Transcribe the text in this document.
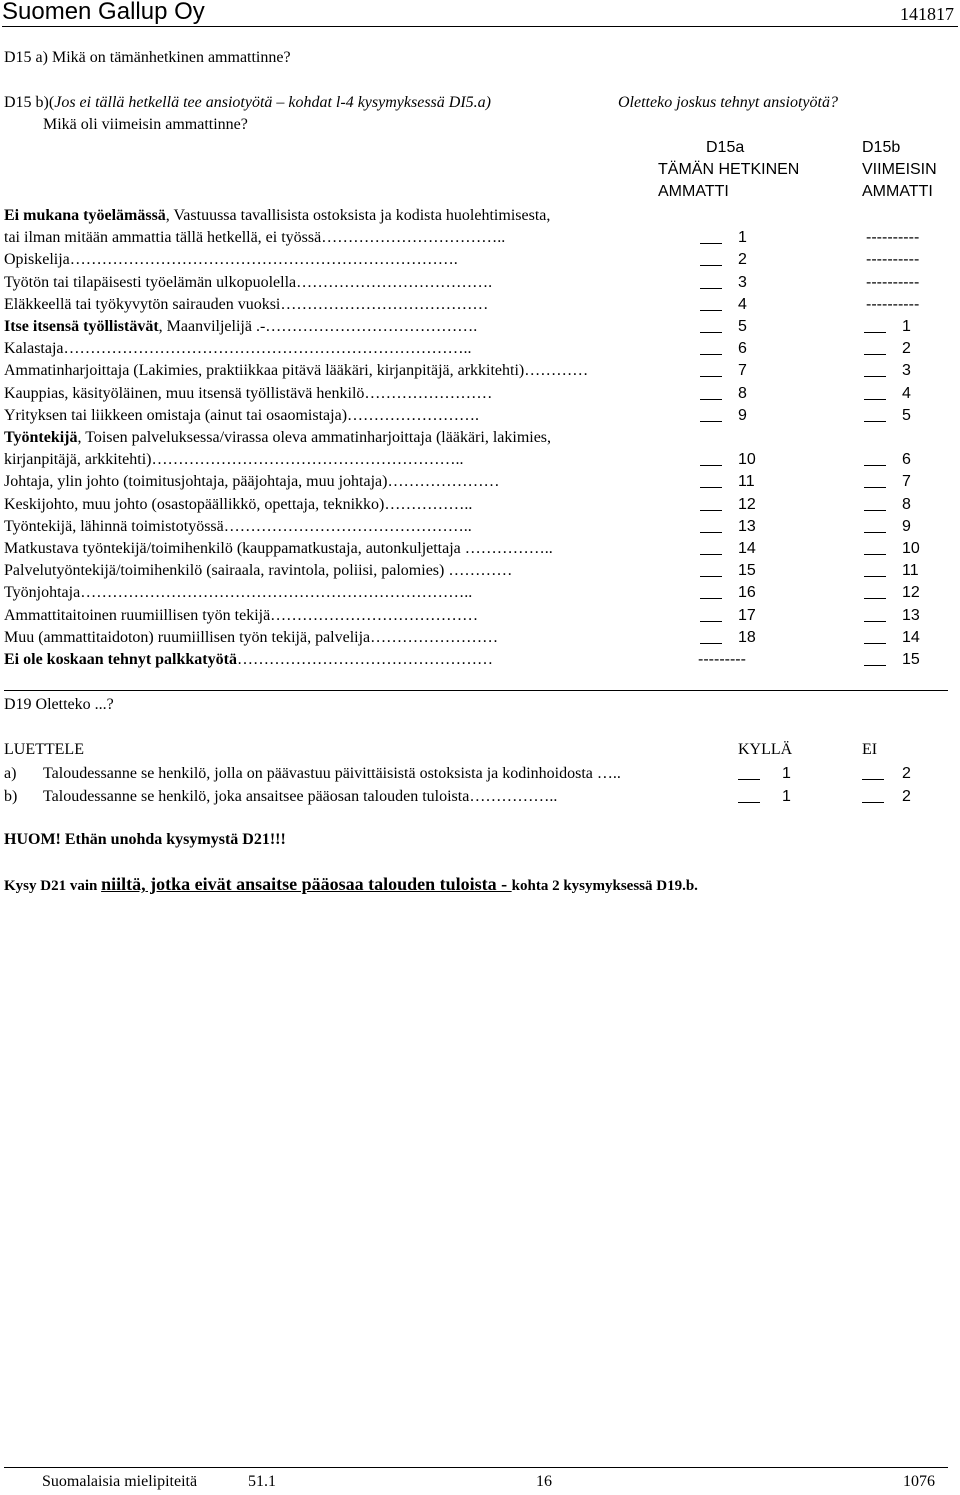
Suomen Gallup Oy	141817
D15 a) Mikä on tämänhetkinen ammattinne?
D15 b)(Jos ei tällä hetkellä tee ansiotyötä – kohdat l-4 kysymyksessä DI5.a)	Oletteko joskus tehnyt ansiotyötä?
Mikä oli viimeisin ammattinne?
D15a
TÄMÄN HETKINEN
AMMATTI
D15b
VIIMEISIN
AMMATTI
Ei mukana työelämässä, Vastuussa tavallisista ostoksista ja kodista huolehtimisesta,
tai ilman mitään ammattia tällä hetkellä, ei työssä……………………………..	1	----------
Opiskelija……………………………………………………………….	2	----------
Työtön tai tilapäisesti työelämän ulkopuolella……………………………….	3	----------
Eläkkeellä tai työkyvytön sairauden vuoksi…………………………………	4	----------
Itse itsensä työllistävät, Maanviljelijä .-………………………………….	5	1
Kalastaja…………………………………………………………………..	6	2
Ammatinharjoittaja (Lakimies, praktiikkaa pitävä lääkäri, kirjanpitäjä, arkkitehti)…………	7	3
Kauppias, käsityöläinen, muu itsensä työllistävä henkilö……………………	8	4
Yrityksen tai liikkeen omistaja (ainut tai osaomistaja)…………………….	9	5
Työntekijä, Toisen palveluksessa/virassa oleva ammatinharjoittaja (lääkäri, lakimies,
kirjanpitäjä, arkkitehti)…………………………………………………..	10	6
Johtaja, ylin johto (toimitusjohtaja, pääjohtaja, muu johtaja)…………………	11	7
Keskijohto, muu johto (osastopäällikkö, opettaja, teknikko)……………..	12	8
Työntekijä, lähinnä toimistotyössä………………………………………..	13	9
Matkustava työntekijä/toimihenkilö (kauppamatkustaja, autonkuljettaja ……………..	14	10
Palvelutyöntekijä/toimihenkilö (sairaala, ravintola, poliisi, palomies) …………	15	11
Työnjohtaja………………………………………………………………..	16	12
Ammattitaitoinen ruumiillisen työn tekijä…………………………………	17	13
Muu (ammattitaidoton) ruumiillisen työn tekijä, palvelija……………………	18	14
Ei ole koskaan tehnyt palkkatyötä…………………………………………	---------	15
D19 Oletteko ...?
LUETTELE	KYLLÄ	EI
a) Taloudessanne se henkilö, jolla on päävastuu päivittäisistä ostoksista ja kodinhoidosta …..	1	2
b) Taloudessanne se henkilö, joka ansaitsee pääosan talouden tuloista……………..	1	2
HUOM! Ethän unohda kysymystä D21!!!
Kysy D21 vain niiltä, jotka eivät ansaitse pääosaa talouden tuloista - kohta 2 kysymyksessä D19.b.
Suomalaisia mielipiteitä	51.1	16	1076
